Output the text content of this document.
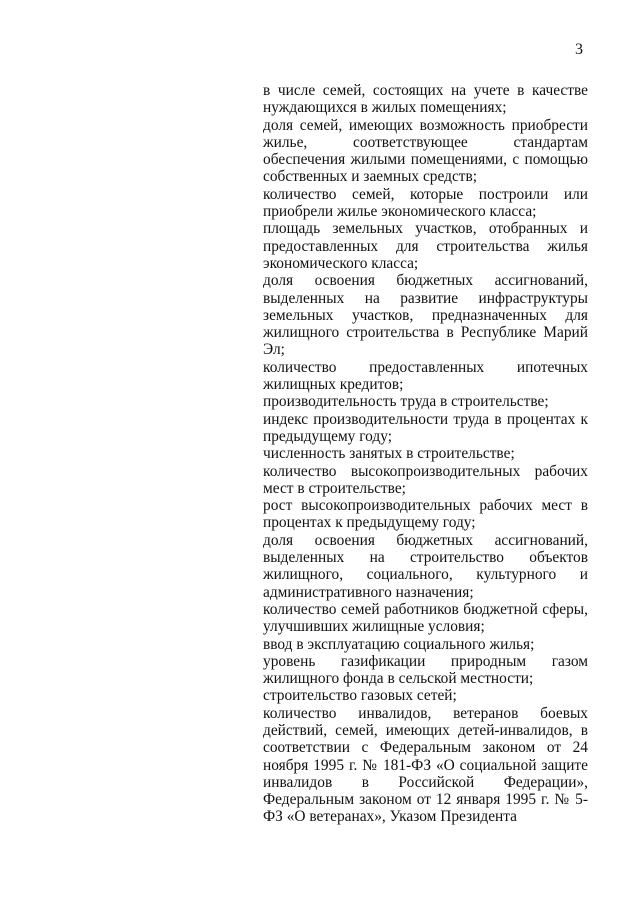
3

в числе семей, состоящих на учете в качестве нуждающихся в жилых помещениях;

доля семей, имеющих возможность приобрести жилье, соответствующее стандартам обеспечения жилыми помещениями, с помощью собственных и заемных средств;

количество семей, которые построили или приобрели жилье экономического класса;

площадь земельных участков, отобранных и предоставленных для строительства жилья экономического класса;

доля освоения бюджетных ассигнований, выделенных на развитие инфраструктуры земельных участков, предназначенных для жилищного строительства в Республике Марий Эл;

количество предоставленных ипотечных жилищных кредитов;

производительность труда в строительстве;

индекс производительности труда в процентах к предыдущему году;

численность занятых в строительстве;

количество высокопроизводительных рабочих мест в строительстве;

рост высокопроизводительных рабочих мест в процентах к предыдущему году;

доля освоения бюджетных ассигнований, выделенных на строительство объектов жилищного, социального, культурного и административного назначения;

количество семей работников бюджетной сферы, улучшивших жилищные условия;

ввод в эксплуатацию социального жилья;

уровень газификации природным газом жилищного фонда в сельской местности;

строительство газовых сетей;

количество инвалидов, ветеранов боевых действий, семей, имеющих детей-инвалидов, в соответствии с Федеральным законом от 24 ноября 1995 г. № 181-ФЗ «О социальной защите инвалидов в Российской Федерации», Федеральным законом от 12 января 1995 г. № 5-ФЗ «О ветеранах», Указом Президента
